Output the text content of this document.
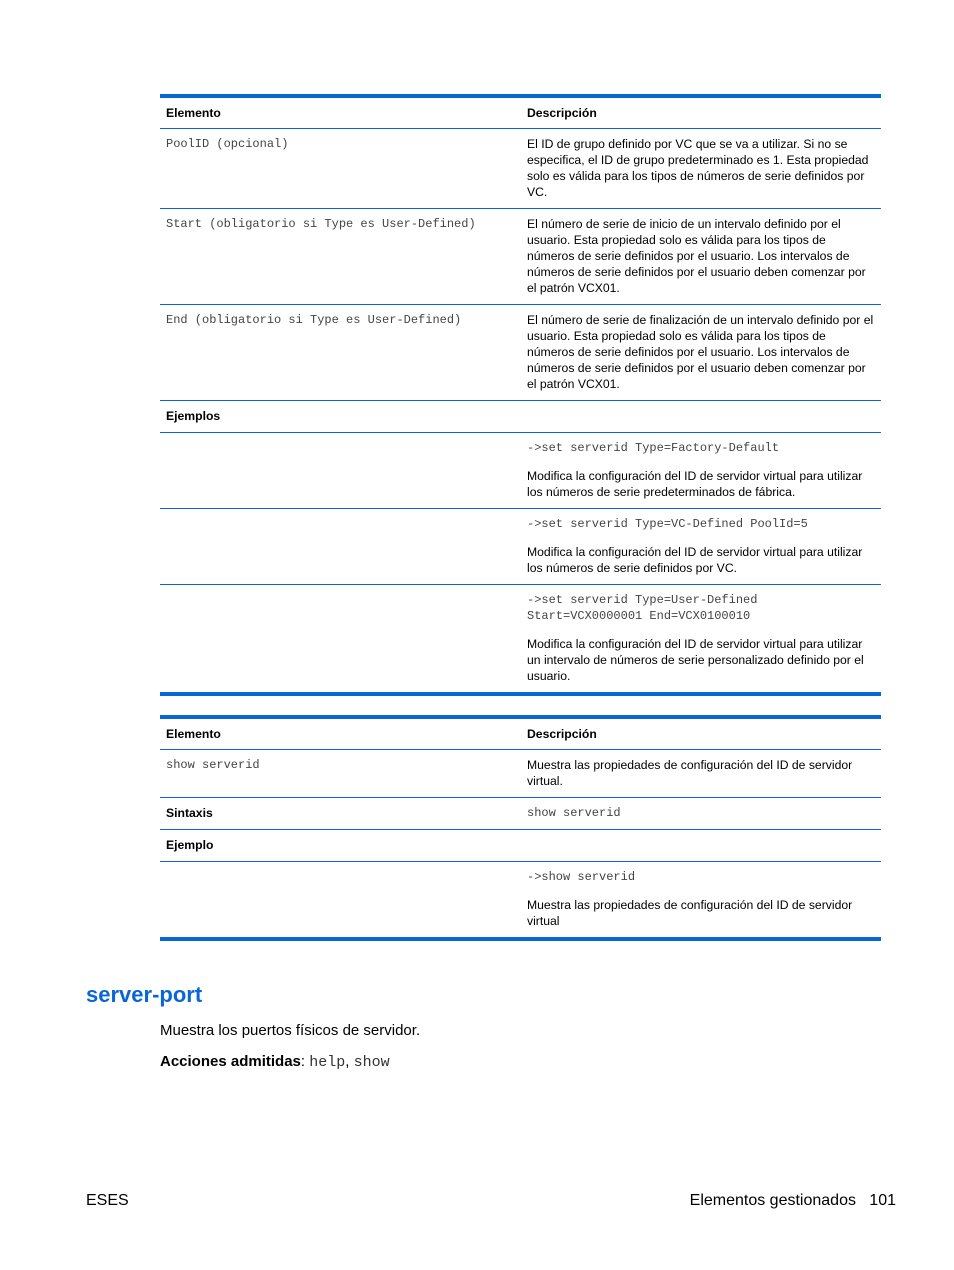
Elemento	Descripción
PoolID (opcional)	El ID de grupo definido por VC que se va a utilizar. Si no se especifica, el ID de grupo predeterminado es 1. Esta propiedad solo es válida para los tipos de números de serie definidos por VC.
Start (obligatorio si Type es User-Defined)	El número de serie de inicio de un intervalo definido por el usuario. Esta propiedad solo es válida para los tipos de números de serie definidos por el usuario. Los intervalos de números de serie definidos por el usuario deben comenzar por el patrón VCX01.
End (obligatorio si Type es User-Defined)	El número de serie de finalización de un intervalo definido por el usuario. Esta propiedad solo es válida para los tipos de números de serie definidos por el usuario. Los intervalos de números de serie definidos por el usuario deben comenzar por el patrón VCX01.
Ejemplos	

	->set serverid Type=Factory-Default
Modifica la configuración del ID de servidor virtual para utilizar los números de serie predeterminados de fábrica.

	->set serverid Type=VC-Defined PoolId=5
Modifica la configuración del ID de servidor virtual para utilizar los números de serie definidos por VC.

	->set serverid Type=User-Defined
Start=VCX0000001 End=VCX0100010
Modifica la configuración del ID de servidor virtual para utilizar un intervalo de números de serie personalizado definido por el usuario.
Elemento	Descripción
show serverid	Muestra las propiedades de configuración del ID de servidor virtual.
Sintaxis	show serverid
Ejemplo	

	->show serverid
Muestra las propiedades de configuración del ID de servidor virtual
server-port

Muestra los puertos físicos de servidor.

Acciones admitidas: help, show

ESES	Elementos gestionados   101
